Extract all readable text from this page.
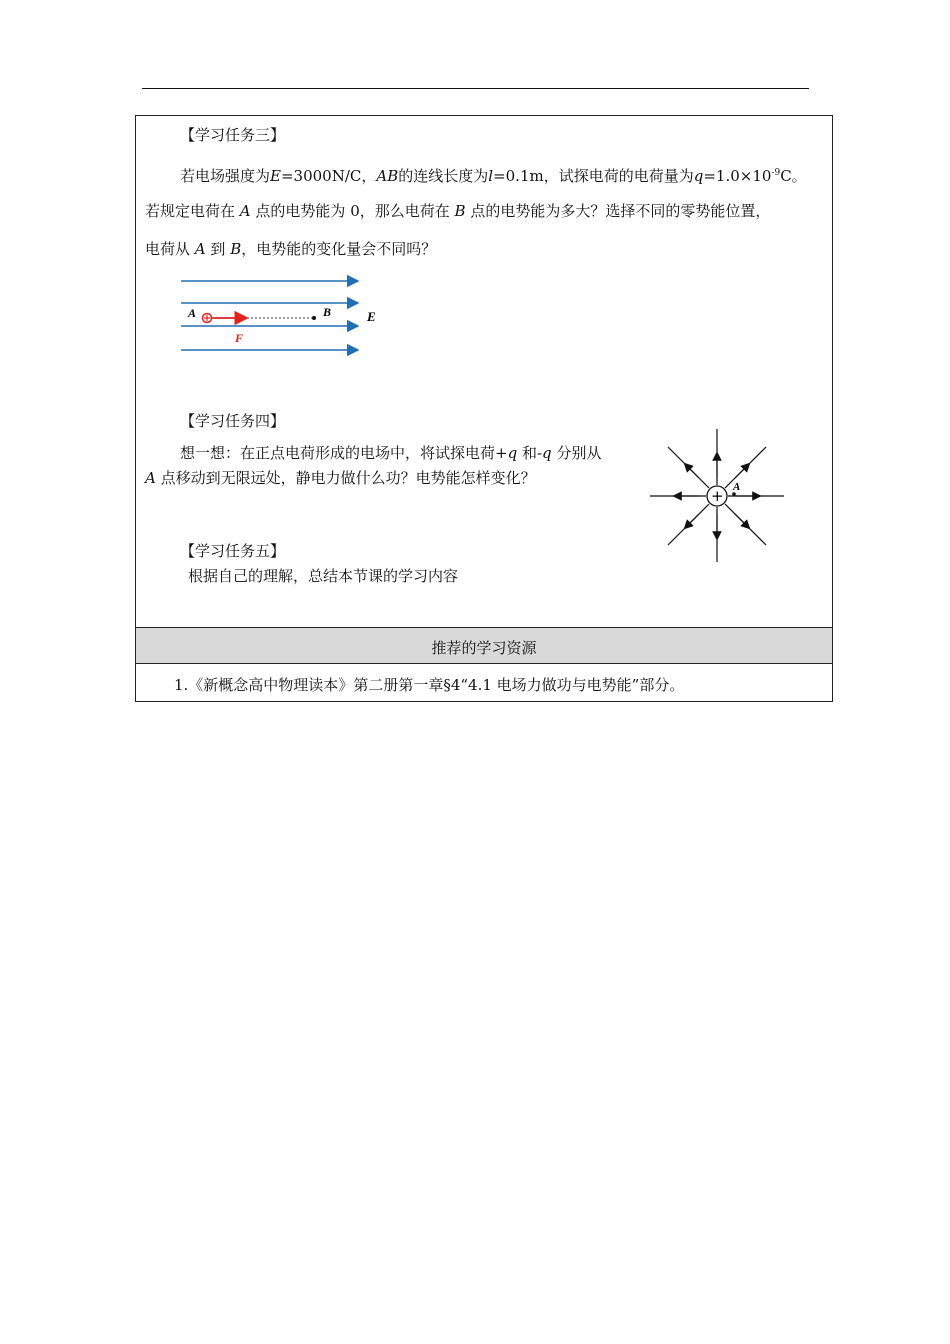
【学习任务三】
若电场强度为E=3000N/C，AB的连线长度为l=0.1m，试探电荷的电荷量为$q=1.0\times 10^{-9}C$。
若规定电荷在 A 点的电势能为 0，那么电荷在 B 点的电势能为多大？选择不同的零势能位置，
电荷从 A 到 B，电势能的变化量会不同吗？
A	B	E
F
【学习任务四】
想一想：在正点电荷形成的电场中，将试探电荷+q 和-q 分别从
A 点移动到无限远处，静电力做什么功？电势能怎样变化？
+ A
【学习任务五】
根据自己的理解，总结本节课的学习内容
推荐的学习资源
1.《新概念高中物理读本》第二册第一章§4“4.1 电场力做功与电势能”部分。
